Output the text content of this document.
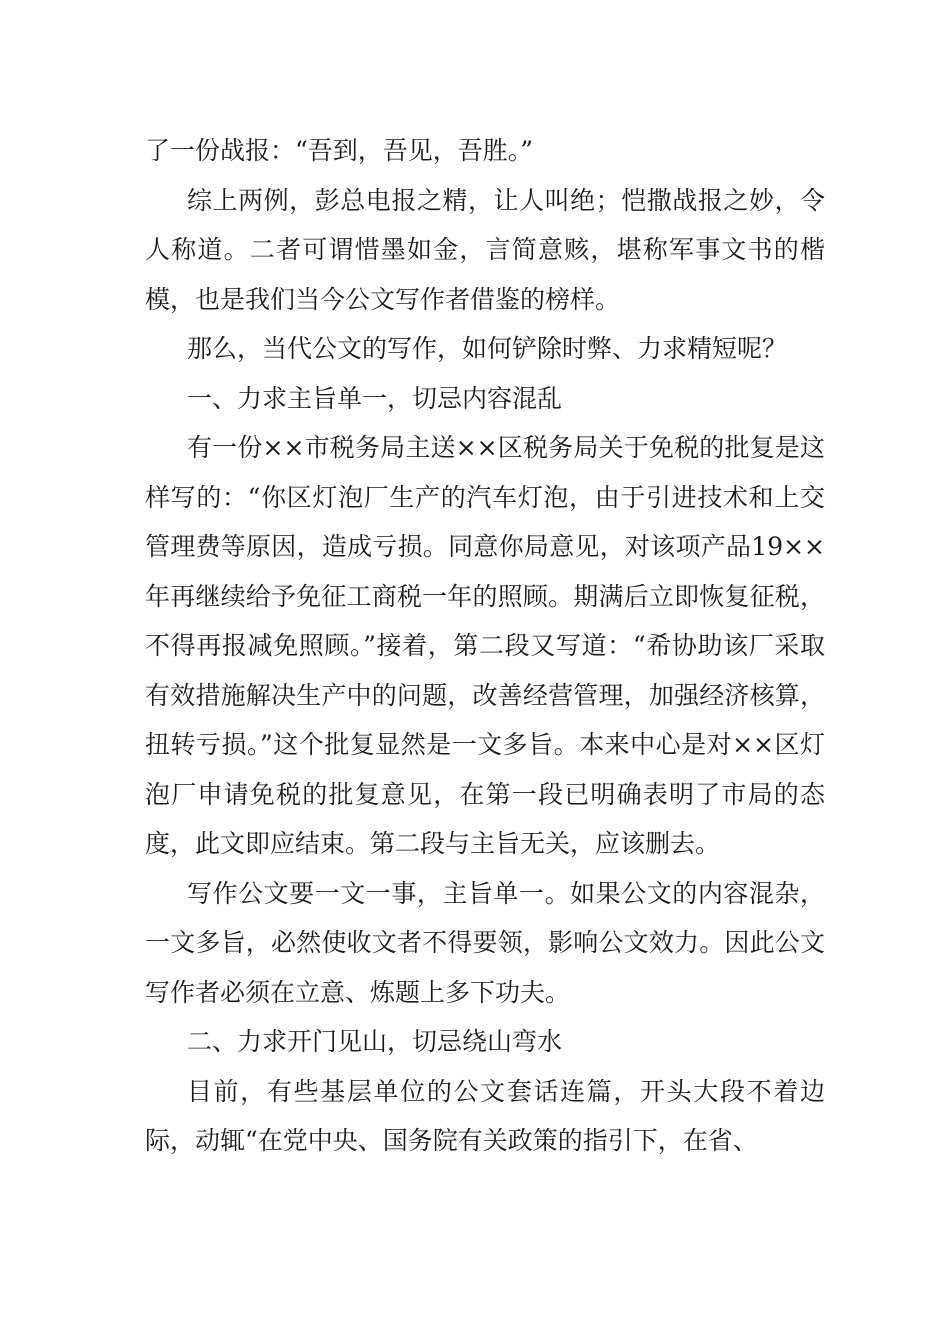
了一份战报：“吾到，吾见，吾胜。”

综上两例，彭总电报之精，让人叫绝；恺撒战报之妙，令人称道。二者可谓惜墨如金，言简意赅，堪称军事文书的楷模，也是我们当今公文写作者借鉴的榜样。

那么，当代公文的写作，如何铲除时弊、力求精短呢？

一、力求主旨单一，切忌内容混乱

有一份××市税务局主送××区税务局关于免税的批复是这样写的：“你区灯泡厂生产的汽车灯泡，由于引进技术和上交管理费等原因，造成亏损。同意你局意见，对该项产品19××年再继续给予免征工商税一年的照顾。期满后立即恢复征税，不得再报减免照顾。”接着，第二段又写道：“希协助该厂采取有效措施解决生产中的问题，改善经营管理，加强经济核算，扭转亏损。”这个批复显然是一文多旨。本来中心是对××区灯泡厂申请免税的批复意见，在第一段已明确表明了市局的态度，此文即应结束。第二段与主旨无关，应该删去。

写作公文要一文一事，主旨单一。如果公文的内容混杂，一文多旨，必然使收文者不得要领，影响公文效力。因此公文写作者必须在立意、炼题上多下功夫。

二、力求开门见山，切忌绕山弯水

目前，有些基层单位的公文套话连篇，开头大段不着边际，动辄“在党中央、国务院有关政策的指引下，在省、
